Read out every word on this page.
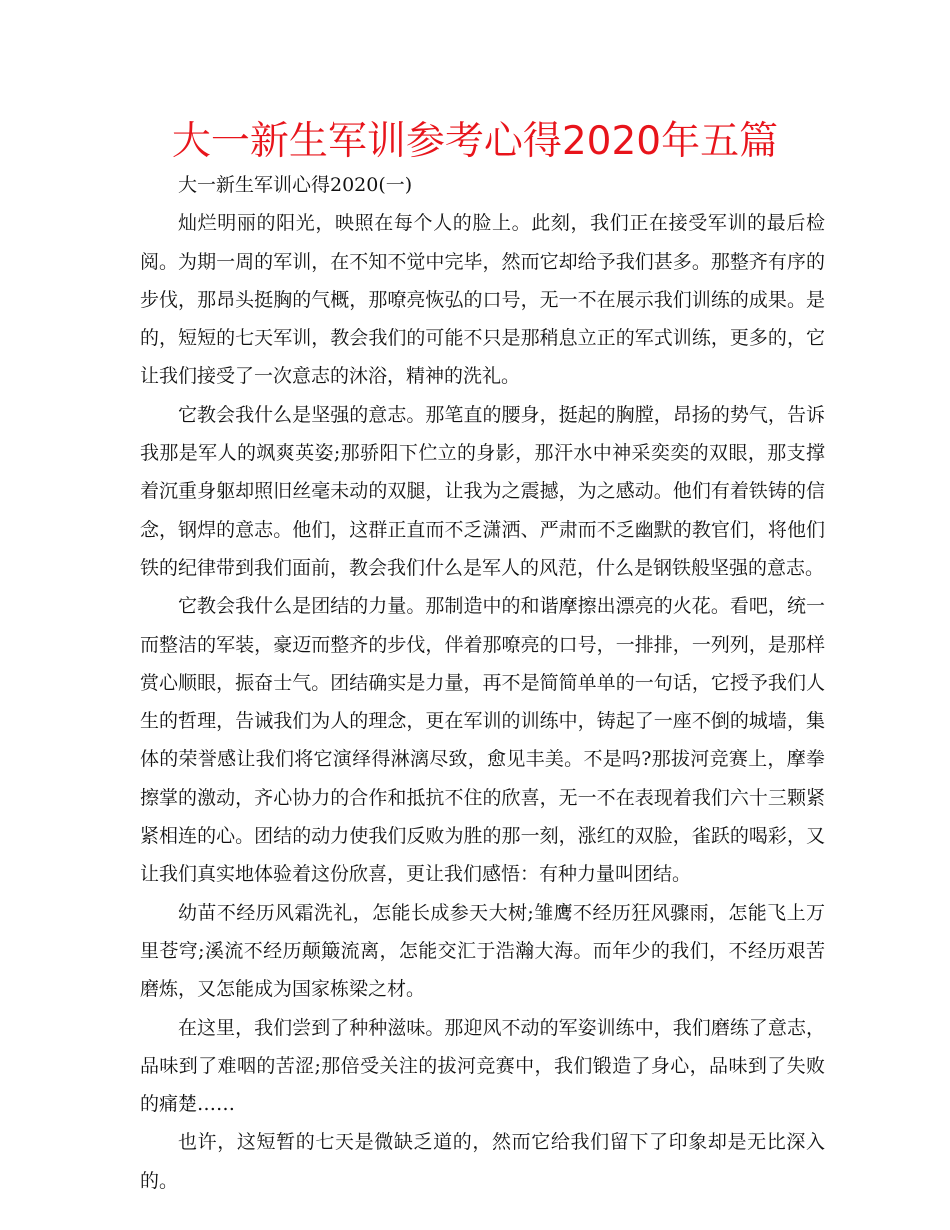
大一新生军训参考心得2020年五篇

大一新生军训心得2020(一)

灿烂明丽的阳光，映照在每个人的脸上。此刻，我们正在接受军训的最后检阅。为期一周的军训，在不知不觉中完毕，然而它却给予我们甚多。那整齐有序的步伐，那昂头挺胸的气概，那嘹亮恢弘的口号，无一不在展示我们训练的成果。是的，短短的七天军训，教会我们的可能不只是那稍息立正的军式训练，更多的，它让我们接受了一次意志的沐浴，精神的洗礼。

它教会我什么是坚强的意志。那笔直的腰身，挺起的胸膛，昂扬的势气，告诉我那是军人的飒爽英姿;那骄阳下伫立的身影，那汗水中神采奕奕的双眼，那支撑着沉重身躯却照旧丝毫未动的双腿，让我为之震撼，为之感动。他们有着铁铸的信念，钢焊的意志。他们，这群正直而不乏潇洒、严肃而不乏幽默的教官们，将他们铁的纪律带到我们面前，教会我们什么是军人的风范，什么是钢铁般坚强的意志。

它教会我什么是团结的力量。那制造中的和谐摩擦出漂亮的火花。看吧，统一而整洁的军装，豪迈而整齐的步伐，伴着那嘹亮的口号，一排排，一列列，是那样赏心顺眼，振奋士气。团结确实是力量，再不是简简单单的一句话，它授予我们人生的哲理，告诫我们为人的理念，更在军训的训练中，铸起了一座不倒的城墙，集体的荣誉感让我们将它演绎得淋漓尽致，愈见丰美。不是吗?那拔河竞赛上，摩拳擦掌的激动，齐心协力的合作和抵抗不住的欣喜，无一不在表现着我们六十三颗紧紧相连的心。团结的动力使我们反败为胜的那一刻，涨红的双脸，雀跃的喝彩，又让我们真实地体验着这份欣喜，更让我们感悟：有种力量叫团结。

幼苗不经历风霜洗礼，怎能长成参天大树;雏鹰不经历狂风骤雨，怎能飞上万里苍穹;溪流不经历颠簸流离，怎能交汇于浩瀚大海。而年少的我们，不经历艰苦磨炼，又怎能成为国家栋梁之材。

在这里，我们尝到了种种滋味。那迎风不动的军姿训练中，我们磨练了意志，品味到了难咽的苦涩;那倍受关注的拔河竞赛中，我们锻造了身心，品味到了失败的痛楚……

也许，这短暂的七天是微缺乏道的，然而它给我们留下了印象却是无比深入的。
